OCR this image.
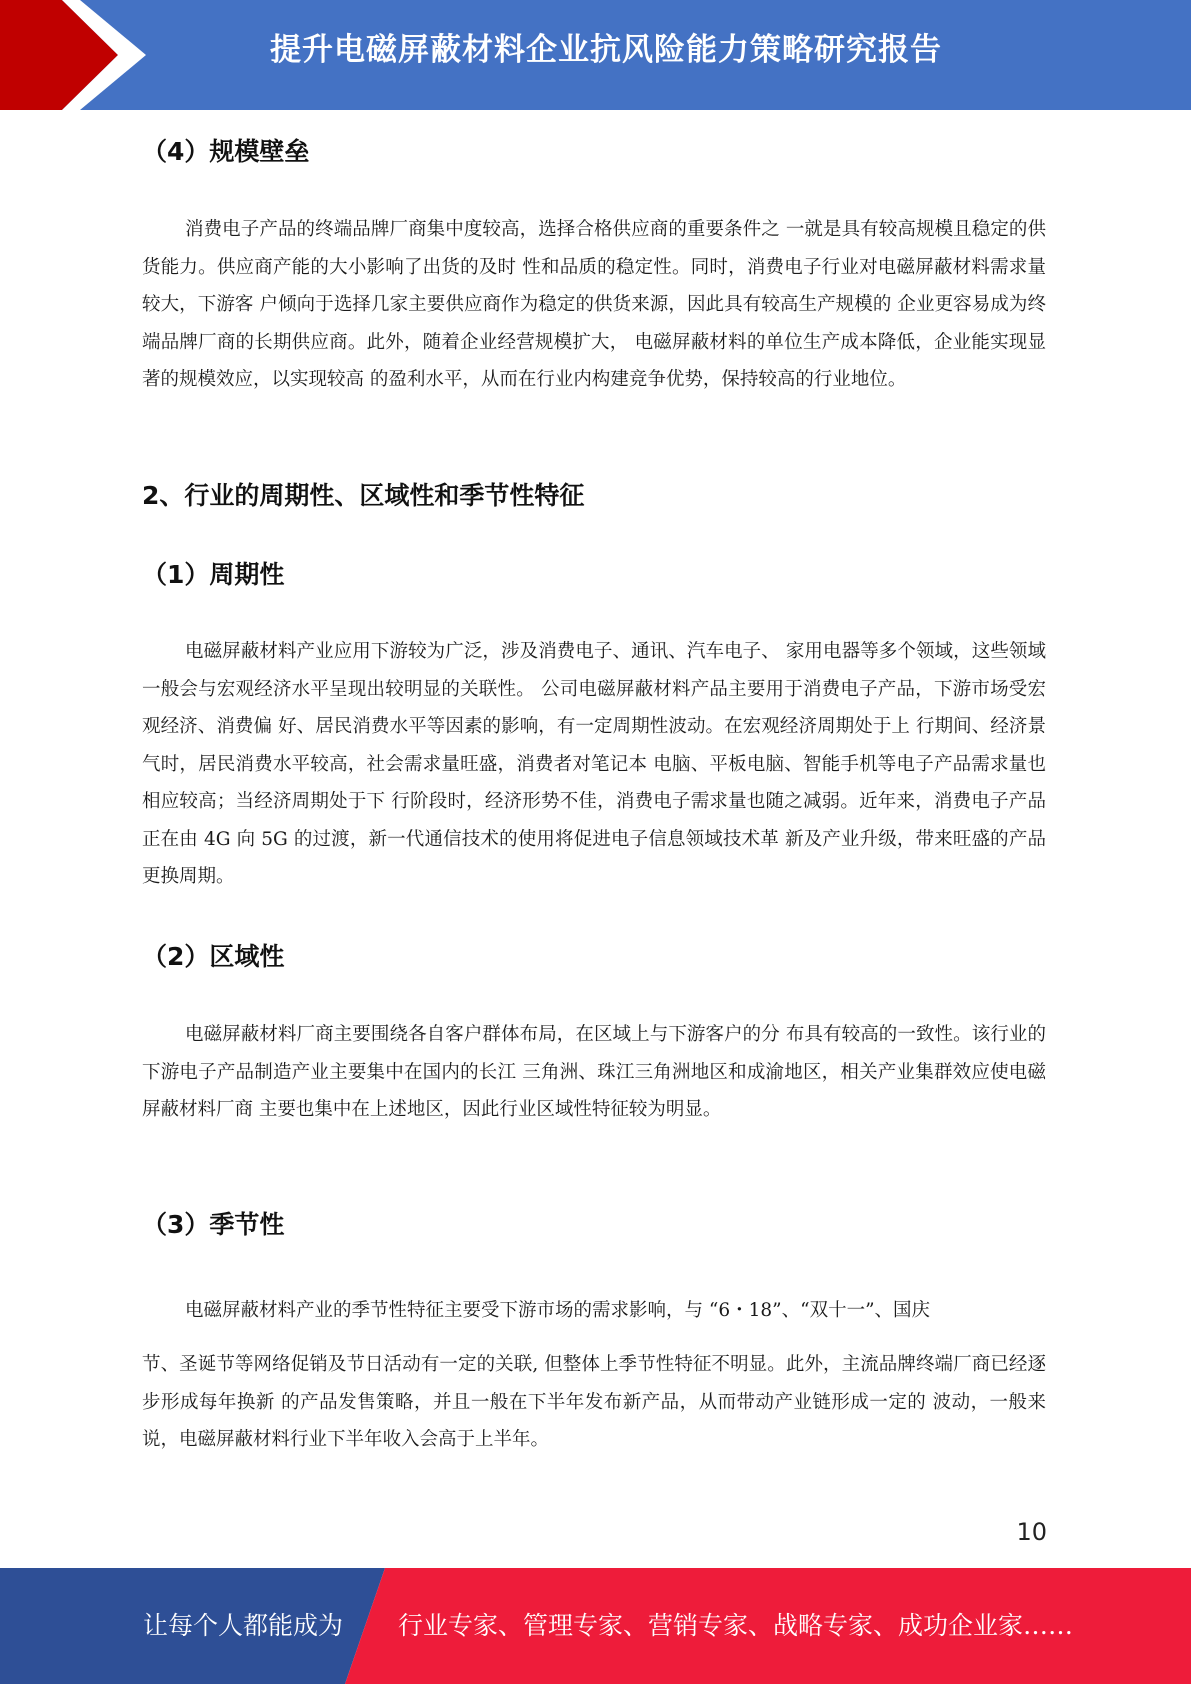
提升电磁屏蔽材料企业抗风险能力策略研究报告
（4）规模壁垒
消费电子产品的终端品牌厂商集中度较高，选择合格供应商的重要条件之 一就是具有较高规模且稳定的供货能力。供应商产能的大小影响了出货的及时 性和品质的稳定性。同时，消费电子行业对电磁屏蔽材料需求量较大，下游客 户倾向于选择几家主要供应商作为稳定的供货来源，因此具有较高生产规模的 企业更容易成为终端品牌厂商的长期供应商。此外，随着企业经营规模扩大， 电磁屏蔽材料的单位生产成本降低，企业能实现显著的规模效应，以实现较高 的盈利水平，从而在行业内构建竞争优势，保持较高的行业地位。
2、行业的周期性、区域性和季节性特征
（1）周期性
电磁屏蔽材料产业应用下游较为广泛，涉及消费电子、通讯、汽车电子、 家用电器等多个领域，这些领域一般会与宏观经济水平呈现出较明显的关联性。 公司电磁屏蔽材料产品主要用于消费电子产品，下游市场受宏观经济、消费偏 好、居民消费水平等因素的影响，有一定周期性波动。在宏观经济周期处于上 行期间、经济景气时，居民消费水平较高，社会需求量旺盛，消费者对笔记本 电脑、平板电脑、智能手机等电子产品需求量也相应较高；当经济周期处于下 行阶段时，经济形势不佳，消费电子需求量也随之减弱。近年来，消费电子产品正在由 4G 向 5G 的过渡，新一代通信技术的使用将促进电子信息领域技术革 新及产业升级，带来旺盛的产品更换周期。
（2）区域性
电磁屏蔽材料厂商主要围绕各自客户群体布局，在区域上与下游客户的分 布具有较高的一致性。该行业的下游电子产品制造产业主要集中在国内的长江 三角洲、珠江三角洲地区和成渝地区，相关产业集群效应使电磁屏蔽材料厂商 主要也集中在上述地区，因此行业区域性特征较为明显。
（3）季节性
电磁屏蔽材料产业的季节性特征主要受下游市场的需求影响，与 “6・18”、“双十一”、国庆
节、圣诞节等网络促销及节日活动有一定的关联, 但整体上季节性特征不明显。此外，主流品牌终端厂商已经逐步形成每年换新 的产品发售策略，并且一般在下半年发布新产品，从而带动产业链形成一定的 波动，一般来说，电磁屏蔽材料行业下半年收入会高于上半年。
10
让每个人都能成为 行业专家、管理专家、营销专家、战略专家、成功企业家……
